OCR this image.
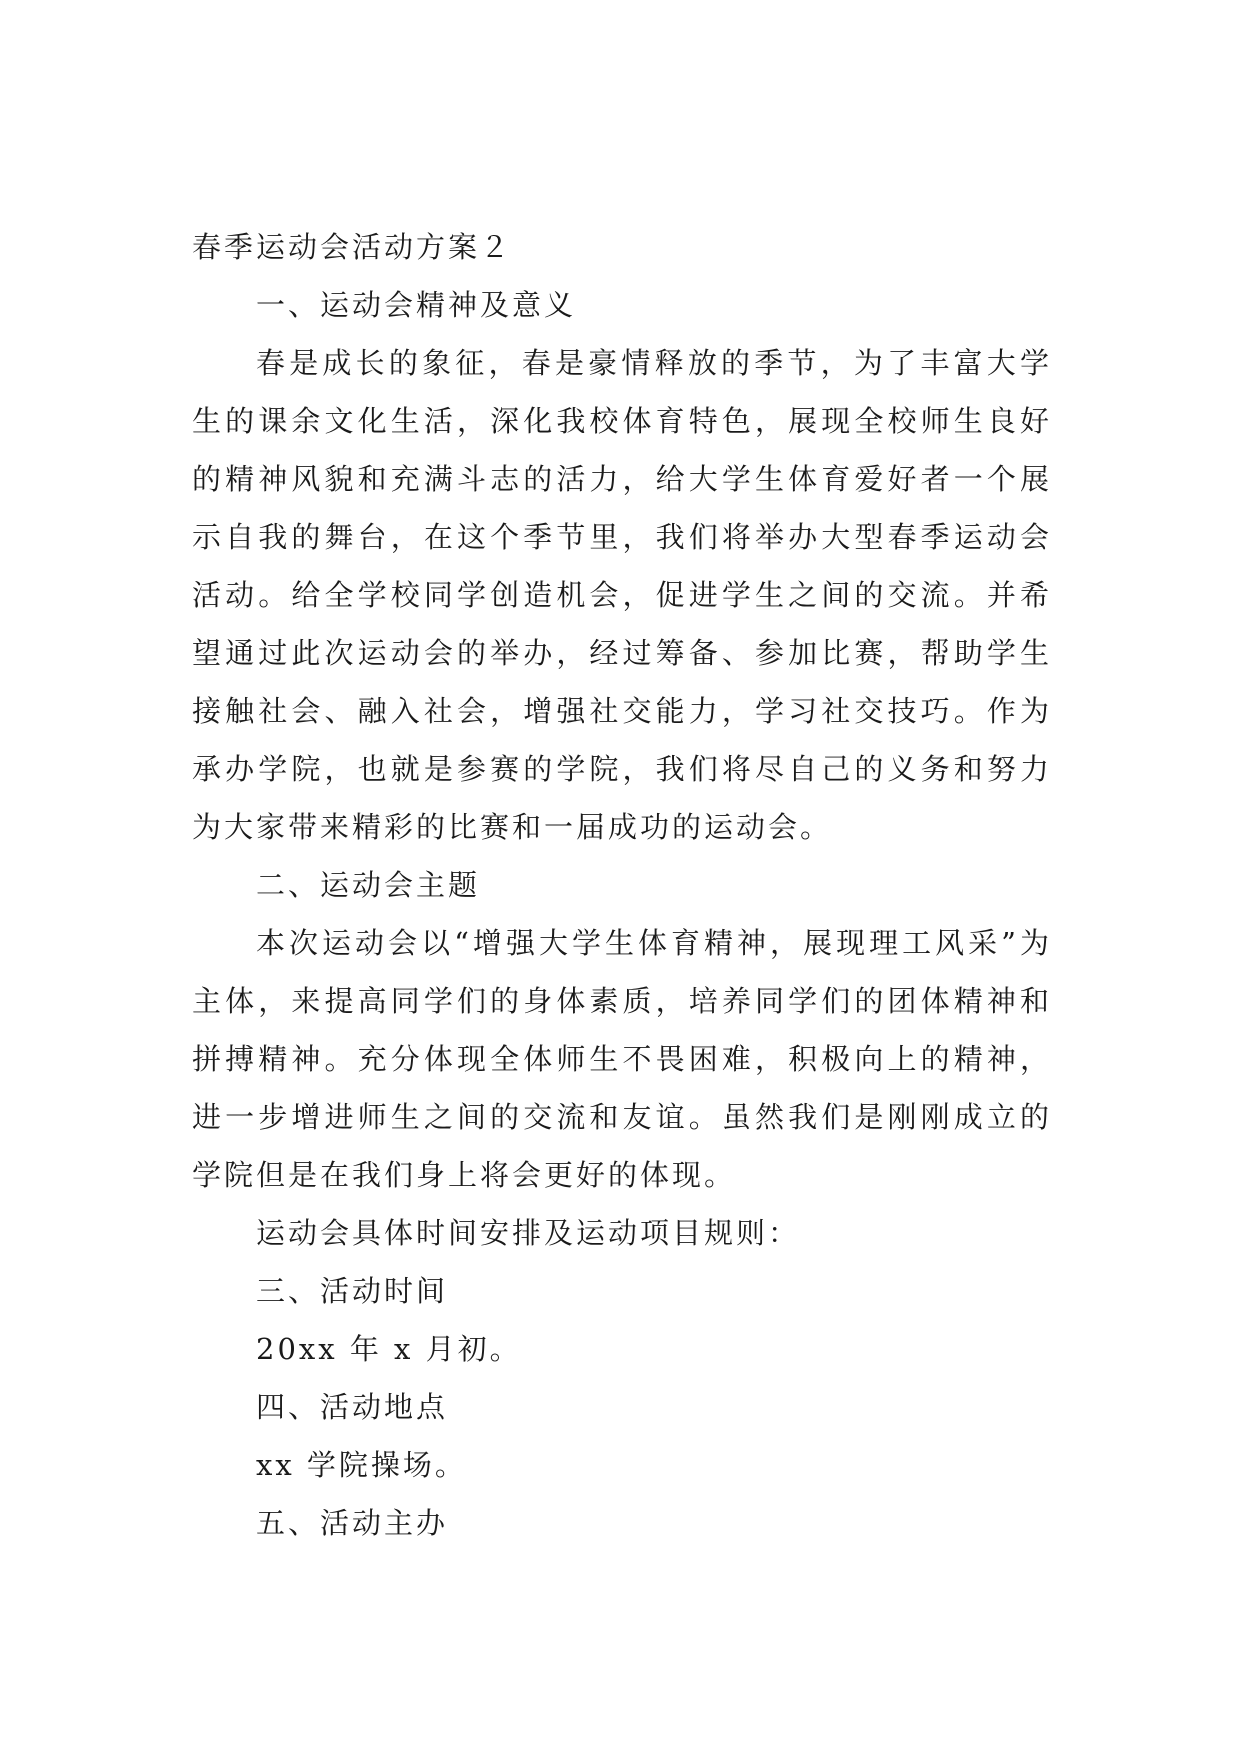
春季运动会活动方案２

一、运动会精神及意义

春是成长的象征，春是豪情释放的季节，为了丰富大学生的课余文化生活，深化我校体育特色，展现全校师生良好的精神风貌和充满斗志的活力，给大学生体育爱好者一个展示自我的舞台，在这个季节里，我们将举办大型春季运动会活动。给全学校同学创造机会，促进学生之间的交流。并希望通过此次运动会的举办，经过筹备、参加比赛，帮助学生接触社会、融入社会，增强社交能力，学习社交技巧。作为承办学院，也就是参赛的学院，我们将尽自己的义务和努力为大家带来精彩的比赛和一届成功的运动会。

二、运动会主题

本次运动会以“增强大学生体育精神，展现理工风采”为主体，来提高同学们的身体素质，培养同学们的团体精神和拼搏精神。充分体现全体师生不畏困难，积极向上的精神，进一步增进师生之间的交流和友谊。虽然我们是刚刚成立的学院但是在我们身上将会更好的体现。

运动会具体时间安排及运动项目规则：

三、活动时间

20xx 年 x 月初。

四、活动地点

xx 学院操场。

五、活动主办
